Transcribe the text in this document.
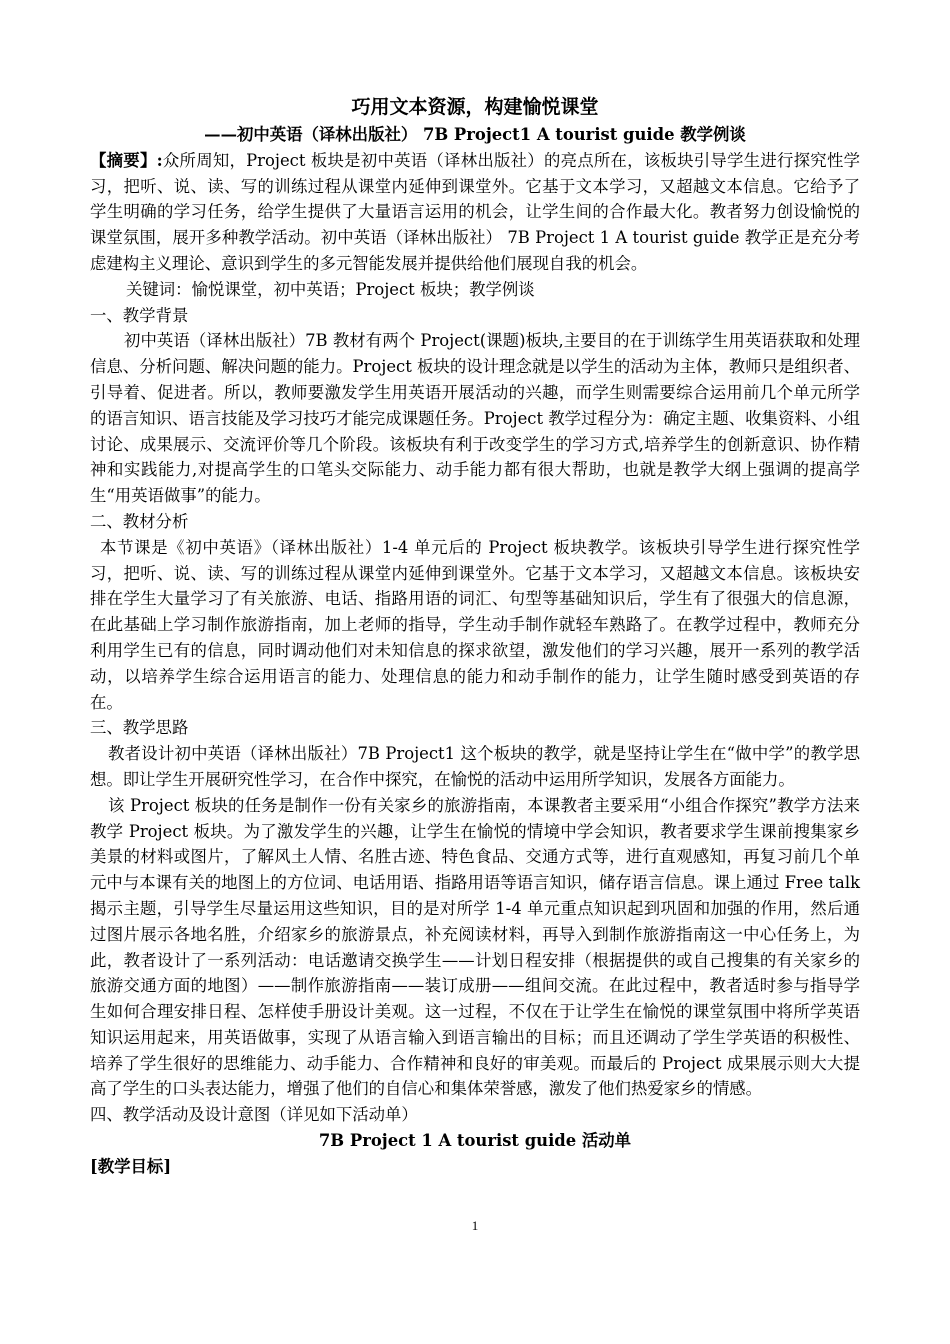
巧用文本资源，构建愉悦课堂

——初中英语（译林出版社） 7B Project1 A tourist guide 教学例谈

【摘要】:众所周知，Project 板块是初中英语（译林出版社）的亮点所在，该板块引导学生进行探究性学习，把听、说、读、写的训练过程从课堂内延伸到课堂外。它基于文本学习，又超越文本信息。它给予了学生明确的学习任务，给学生提供了大量语言运用的机会，让学生间的合作最大化。教者努力创设愉悦的课堂氛围，展开多种教学活动。初中英语（译林出版社） 7B Project 1 A tourist guide 教学正是充分考虑建构主义理论、意识到学生的多元智能发展并提供给他们展现自我的机会。

关键词：愉悦课堂，初中英语；Project 板块；教学例谈

一、教学背景

初中英语（译林出版社）7B 教材有两个 Project(课题)板块,主要目的在于训练学生用英语获取和处理信息、分析问题、解决问题的能力。Project 板块的设计理念就是以学生的活动为主体，教师只是组织者、引导着、促进者。所以，教师要激发学生用英语开展活动的兴趣，而学生则需要综合运用前几个单元所学的语言知识、语言技能及学习技巧才能完成课题任务。Project 教学过程分为：确定主题、收集资料、小组讨论、成果展示、交流评价等几个阶段。该板块有利于改变学生的学习方式,培养学生的创新意识、协作精神和实践能力,对提高学生的口笔头交际能力、动手能力都有很大帮助，也就是教学大纲上强调的提高学生“用英语做事”的能力。

二、教材分析

本节课是《初中英语》（译林出版社）1-4 单元后的 Project 板块教学。该板块引导学生进行探究性学习，把听、说、读、写的训练过程从课堂内延伸到课堂外。它基于文本学习，又超越文本信息。该板块安排在学生大量学习了有关旅游、电话、指路用语的词汇、句型等基础知识后，学生有了很强大的信息源，在此基础上学习制作旅游指南，加上老师的指导，学生动手制作就轻车熟路了。在教学过程中，教师充分利用学生已有的信息，同时调动他们对未知信息的探求欲望，激发他们的学习兴趣，展开一系列的教学活动，以培养学生综合运用语言的能力、处理信息的能力和动手制作的能力，让学生随时感受到英语的存在。

三、教学思路

教者设计初中英语（译林出版社）7B Project1 这个板块的教学，就是坚持让学生在“做中学”的教学思想。即让学生开展研究性学习，在合作中探究，在愉悦的活动中运用所学知识，发展各方面能力。

该 Project 板块的任务是制作一份有关家乡的旅游指南，本课教者主要采用“小组合作探究”教学方法来教学 Project 板块。为了激发学生的兴趣，让学生在愉悦的情境中学会知识，教者要求学生课前搜集家乡美景的材料或图片，了解风土人情、名胜古迹、特色食品、交通方式等，进行直观感知，再复习前几个单元中与本课有关的地图上的方位词、电话用语、指路用语等语言知识，储存语言信息。课上通过 Free talk 揭示主题，引导学生尽量运用这些知识，目的是对所学 1-4 单元重点知识起到巩固和加强的作用，然后通过图片展示各地名胜，介绍家乡的旅游景点，补充阅读材料，再导入到制作旅游指南这一中心任务上，为此，教者设计了一系列活动：电话邀请交换学生——计划日程安排（根据提供的或自己搜集的有关家乡的旅游交通方面的地图）——制作旅游指南——装订成册——组间交流。在此过程中，教者适时参与指导学生如何合理安排日程、怎样使手册设计美观。这一过程，不仅在于让学生在愉悦的课堂氛围中将所学英语知识运用起来，用英语做事，实现了从语言输入到语言输出的目标；而且还调动了学生学英语的积极性、培养了学生很好的思维能力、动手能力、合作精神和良好的审美观。而最后的 Project 成果展示则大大提高了学生的口头表达能力，增强了他们的自信心和集体荣誉感，激发了他们热爱家乡的情感。

四、教学活动及设计意图（详见如下活动单）

7B Project 1 A tourist guide 活动单

[教学目标]

1
